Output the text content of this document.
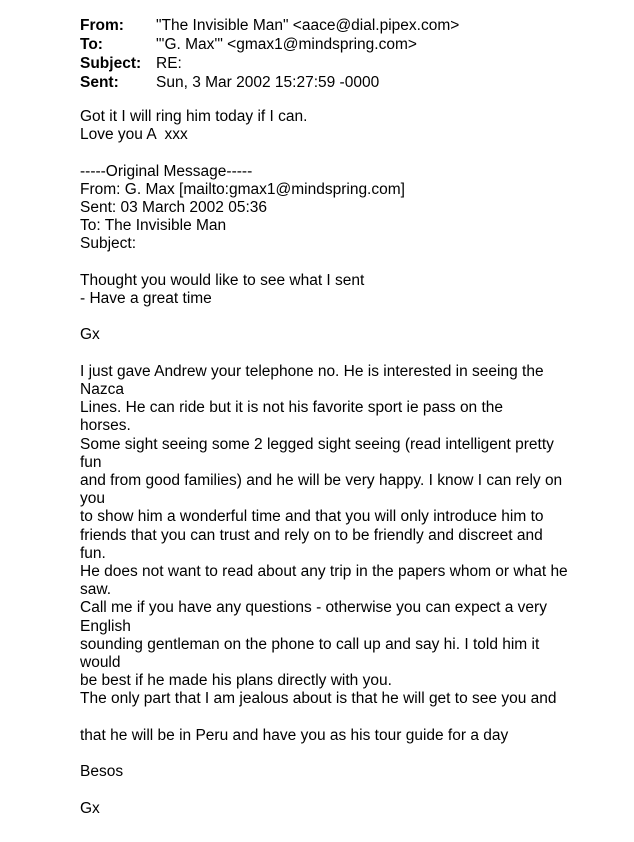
From:	"The Invisible Man" <aace@dial.pipex.com>
To:	"'G. Max'" <gmax1@mindspring.com>
Subject: RE:
Sent:	Sun, 3 Mar 2002 15:27:59 -0000
Got it I will ring him today if I can.
Love you A  xxx
-----Original Message-----
From: G. Max [mailto:gmax1@mindspring.com]
Sent: 03 March 2002 05:36
To: The Invisible Man
Subject:
Thought you would like to see what I sent
- Have a great time
Gx
I just gave Andrew your telephone no. He is interested in seeing the
Nazca
Lines. He can ride but it is not his favorite sport ie pass on the
horses.
Some sight seeing some 2 legged sight seeing (read intelligent pretty
fun
and from good families) and he will be very happy. I know I can rely on
you
to show him a wonderful time and that you will only introduce him to
friends that you can trust and rely on to be friendly and discreet and
fun.
He does not want to read about any trip in the papers whom or what he
saw.
Call me if you have any questions - otherwise you can expect a very
English
sounding gentleman on the phone to call up and say hi. I told him it
would
be best if he made his plans directly with you.
The only part that I am jealous about is that he will get to see you and
that he will be in Peru and have you as his tour guide for a day
Besos
Gx
